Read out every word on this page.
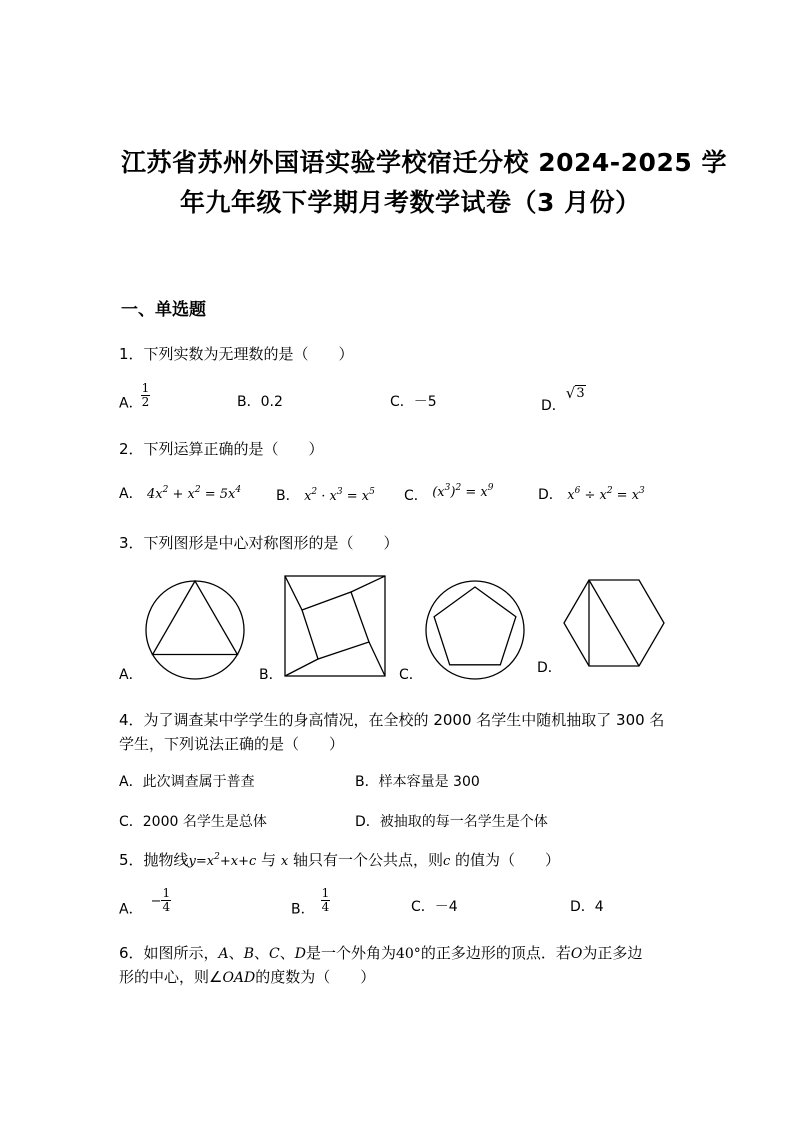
江苏省苏州外国语实验学校宿迁分校 2024-2025 学
年九年级下学期月考数学试卷（3 月份）
一、单选题
1．下列实数为无理数的是（　　）
A．
$\frac{1}{2}$	B．0.2	C．－5	D．√3
2．下列运算正确的是（　　）
A． $4x^2 + x^2 = 5x^4$ B． $x^2 \cdot x^3 = x^5$ C． $(x^3)^2 = x^9$	D． $x^6 \div x^2 = x^3$
3．下列图形是中心对称图形的是（　　）
A．	B．	C．	D．
4．为了调查某中学学生的身高情况，在全校的 2000 名学生中随机抽取了 300 名
学生，下列说法正确的是（　　）
A．此次调查属于普查	B．样本容量是 300
C．2000 名学生是总体	D．被抽取的每一名学生是个体
5．抛物线$y=x^2+x+c$ 与 x 轴只有一个公共点，则c 的值为（　　）
A．− $\frac{1}{4}$	B． $\frac{1}{4}$	C．－4	D．4
6．如图所示，A、B、C、D是一个外角为40°的正多边形的顶点．若O为正多边
形的中心，则∠OAD的度数为（　　）
